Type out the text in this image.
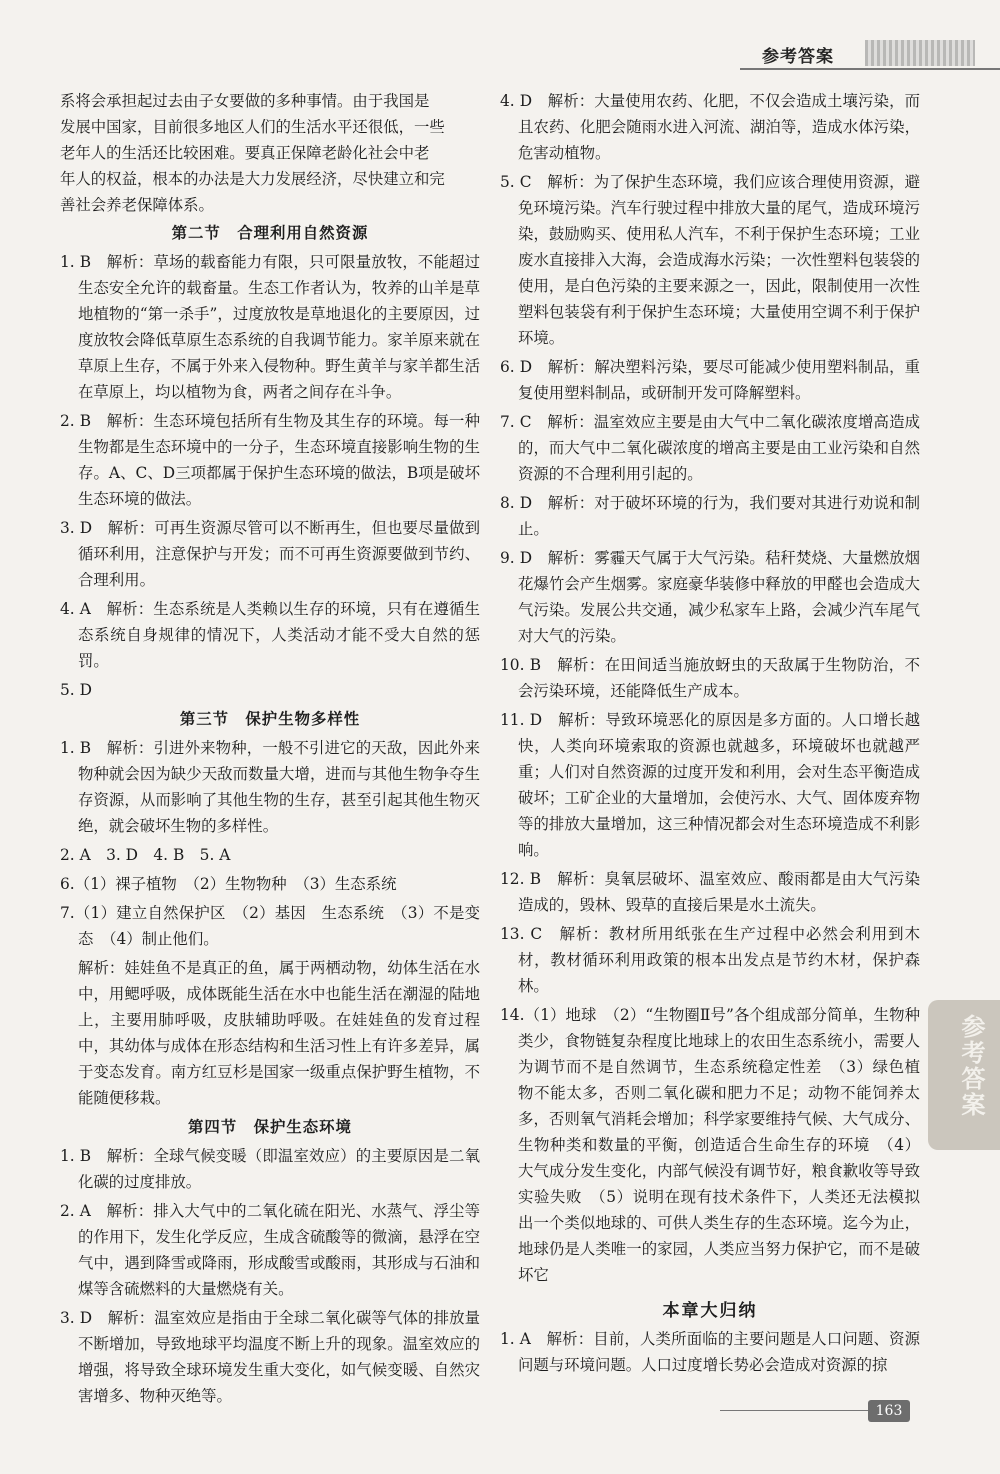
参考答案
系将会承担起过去由子女要做的多种事情。由于我国是
发展中国家，目前很多地区人们的生活水平还很低，一些
老年人的生活还比较困难。要真正保障老龄化社会中老
年人的权益，根本的办法是大力发展经济，尽快建立和完
善社会养老保障体系。
第二节　合理利用自然资源

1. B　解析：草场的载畜能力有限，只可限量放牧，不能超过生态安全允许的载畜量。生态工作者认为，牧养的山羊是草地植物的“第一杀手”，过度放牧是草地退化的主要原因，过度放牧会降低草原生态系统的自我调节能力。家羊原来就在草原上生存，不属于外来入侵物种。野生黄羊与家羊都生活在草原上，均以植物为食，两者之间存在斗争。

2. B　解析：生态环境包括所有生物及其生存的环境。每一种生物都是生态环境中的一分子，生态环境直接影响生物的生存。A、C、D三项都属于保护生态环境的做法，B项是破坏生态环境的做法。

3. D　解析：可再生资源尽管可以不断再生，但也要尽量做到循环利用，注意保护与开发；而不可再生资源要做到节约、合理利用。

4. A　解析：生态系统是人类赖以生存的环境，只有在遵循生态系统自身规律的情况下，人类活动才能不受大自然的惩罚。

5. D

第三节　保护生物多样性

1. B　解析：引进外来物种，一般不引进它的天敌，因此外来物种就会因为缺少天敌而数量大增，进而与其他生物争夺生存资源，从而影响了其他生物的生存，甚至引起其他生物灭绝，就会破坏生物的多样性。

2. A　3. D　4. B　5. A

6.（1）裸子植物　（2）生物物种　（3）生态系统

7.（1）建立自然保护区　（2）基因　生态系统　（3）不是变态　（4）制止他们。

解析：娃娃鱼不是真正的鱼，属于两栖动物，幼体生活在水中，用鳃呼吸，成体既能生活在水中也能生活在潮湿的陆地上，主要用肺呼吸，皮肤辅助呼吸。在娃娃鱼的发育过程中，其幼体与成体在形态结构和生活习性上有许多差异，属于变态发育。南方红豆杉是国家一级重点保护野生植物，不能随便移栽。

第四节　保护生态环境

1. B　解析：全球气候变暖（即温室效应）的主要原因是二氧化碳的过度排放。

2. A　解析：排入大气中的二氧化硫在阳光、水蒸气、浮尘等的作用下，发生化学反应，生成含硫酸等的微滴，悬浮在空气中，遇到降雪或降雨，形成酸雪或酸雨，其形成与石油和煤等含硫燃料的大量燃烧有关。

3. D　解析：温室效应是指由于全球二氧化碳等气体的排放量不断增加，导致地球平均温度不断上升的现象。温室效应的增强，将导致全球环境发生重大变化，如气候变暖、自然灾害增多、物种灭绝等。

4. D　解析：大量使用农药、化肥，不仅会造成土壤污染，而且农药、化肥会随雨水进入河流、湖泊等，造成水体污染，危害动植物。

5. C　解析：为了保护生态环境，我们应该合理使用资源，避免环境污染。汽车行驶过程中排放大量的尾气，造成环境污染，鼓励购买、使用私人汽车，不利于保护生态环境；工业废水直接排入大海，会造成海水污染；一次性塑料包装袋的使用，是白色污染的主要来源之一，因此，限制使用一次性塑料包装袋有利于保护生态环境；大量使用空调不利于保护环境。

6. D　解析：解决塑料污染，要尽可能减少使用塑料制品，重复使用塑料制品，或研制开发可降解塑料。

7. C　解析：温室效应主要是由大气中二氧化碳浓度增高造成的，而大气中二氧化碳浓度的增高主要是由工业污染和自然资源的不合理利用引起的。

8. D　解析：对于破坏环境的行为，我们要对其进行劝说和制止。

9. D　解析：雾霾天气属于大气污染。秸秆焚烧、大量燃放烟花爆竹会产生烟雾。家庭豪华装修中释放的甲醛也会造成大气污染。发展公共交通，减少私家车上路，会减少汽车尾气对大气的污染。

10. B　解析：在田间适当施放蚜虫的天敌属于生物防治，不会污染环境，还能降低生产成本。

11. D　解析：导致环境恶化的原因是多方面的。人口增长越快，人类向环境索取的资源也就越多，环境破坏也就越严重；人们对自然资源的过度开发和利用，会对生态平衡造成破坏；工矿企业的大量增加，会使污水、大气、固体废弃物等的排放大量增加，这三种情况都会对生态环境造成不利影响。

12. B　解析：臭氧层破坏、温室效应、酸雨都是由大气污染造成的，毁林、毁草的直接后果是水土流失。

13. C　解析：教材所用纸张在生产过程中必然会利用到木材，教材循环利用政策的根本出发点是节约木材，保护森林。

14.（1）地球　（2）“生物圈Ⅱ号”各个组成部分简单，生物种类少，食物链复杂程度比地球上的农田生态系统小，需要人为调节而不是自然调节，生态系统稳定性差　（3）绿色植物不能太多，否则二氧化碳和肥力不足；动物不能饲养太多，否则氧气消耗会增加；科学家要维持气候、大气成分、生物种类和数量的平衡，创造适合生命生存的环境　（4）大气成分发生变化，内部气候没有调节好，粮食歉收等导致实验失败　（5）说明在现有技术条件下，人类还无法模拟出一个类似地球的、可供人类生存的生态环境。迄今为止，地球仍是人类唯一的家园，人类应当努力保护它，而不是破坏它

本章大归纳

1. A　解析：目前，人类所面临的主要问题是人口问题、资源问题与环境问题。人口过度增长势必会造成对资源的掠

参考答案
163
